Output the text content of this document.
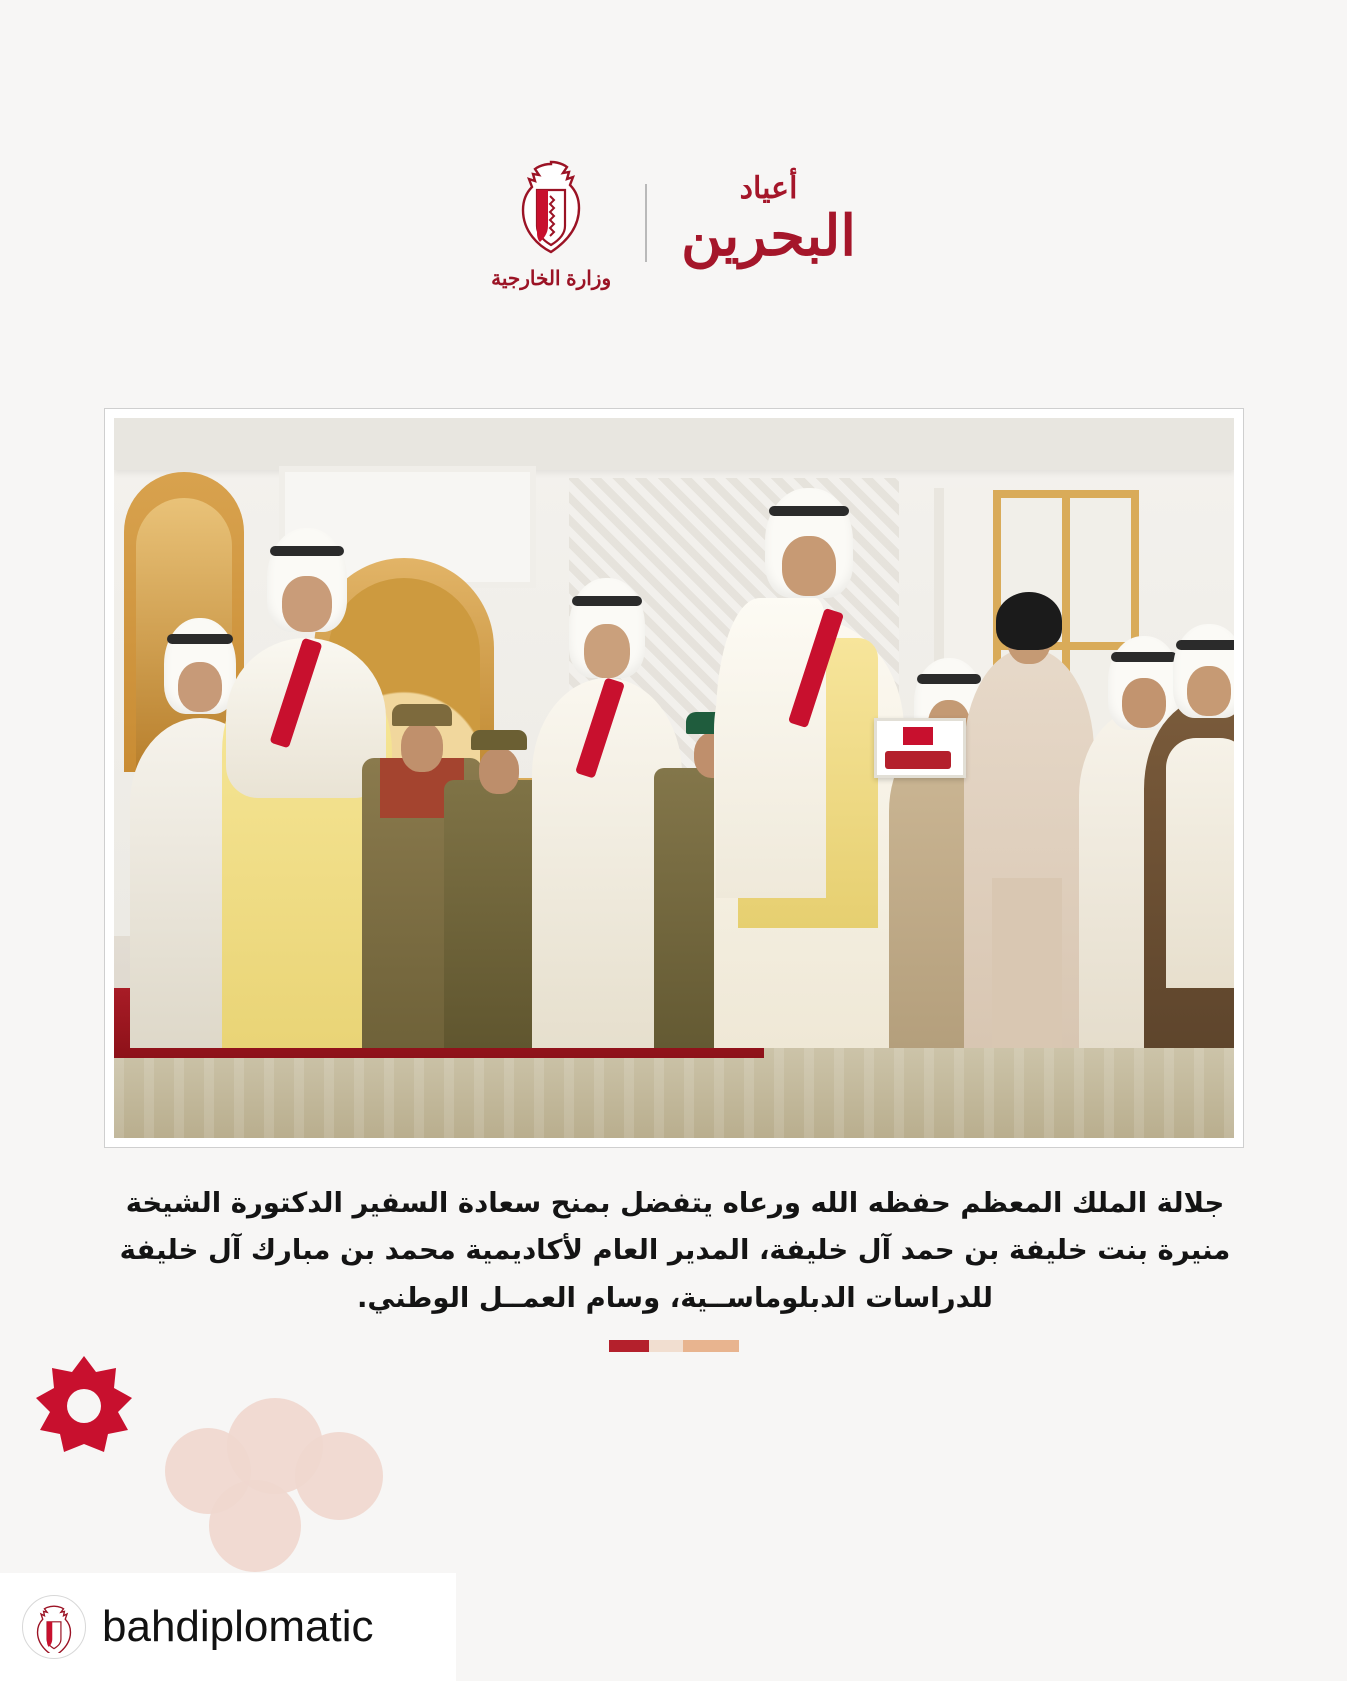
أعياد
البحرين
وزارة الخارجية
جلالة الملك المعظم حفظه الله ورعاه يتفضل بمنح سعادة السفير الدكتورة الشيخة منيرة بنت خليفة بن حمد آل خليفة، المدير العام لأكاديمية محمد بن مبارك آل خليفة للدراسات الدبلوماســية، وسام العمــل الوطني.
bahdiplomatic
